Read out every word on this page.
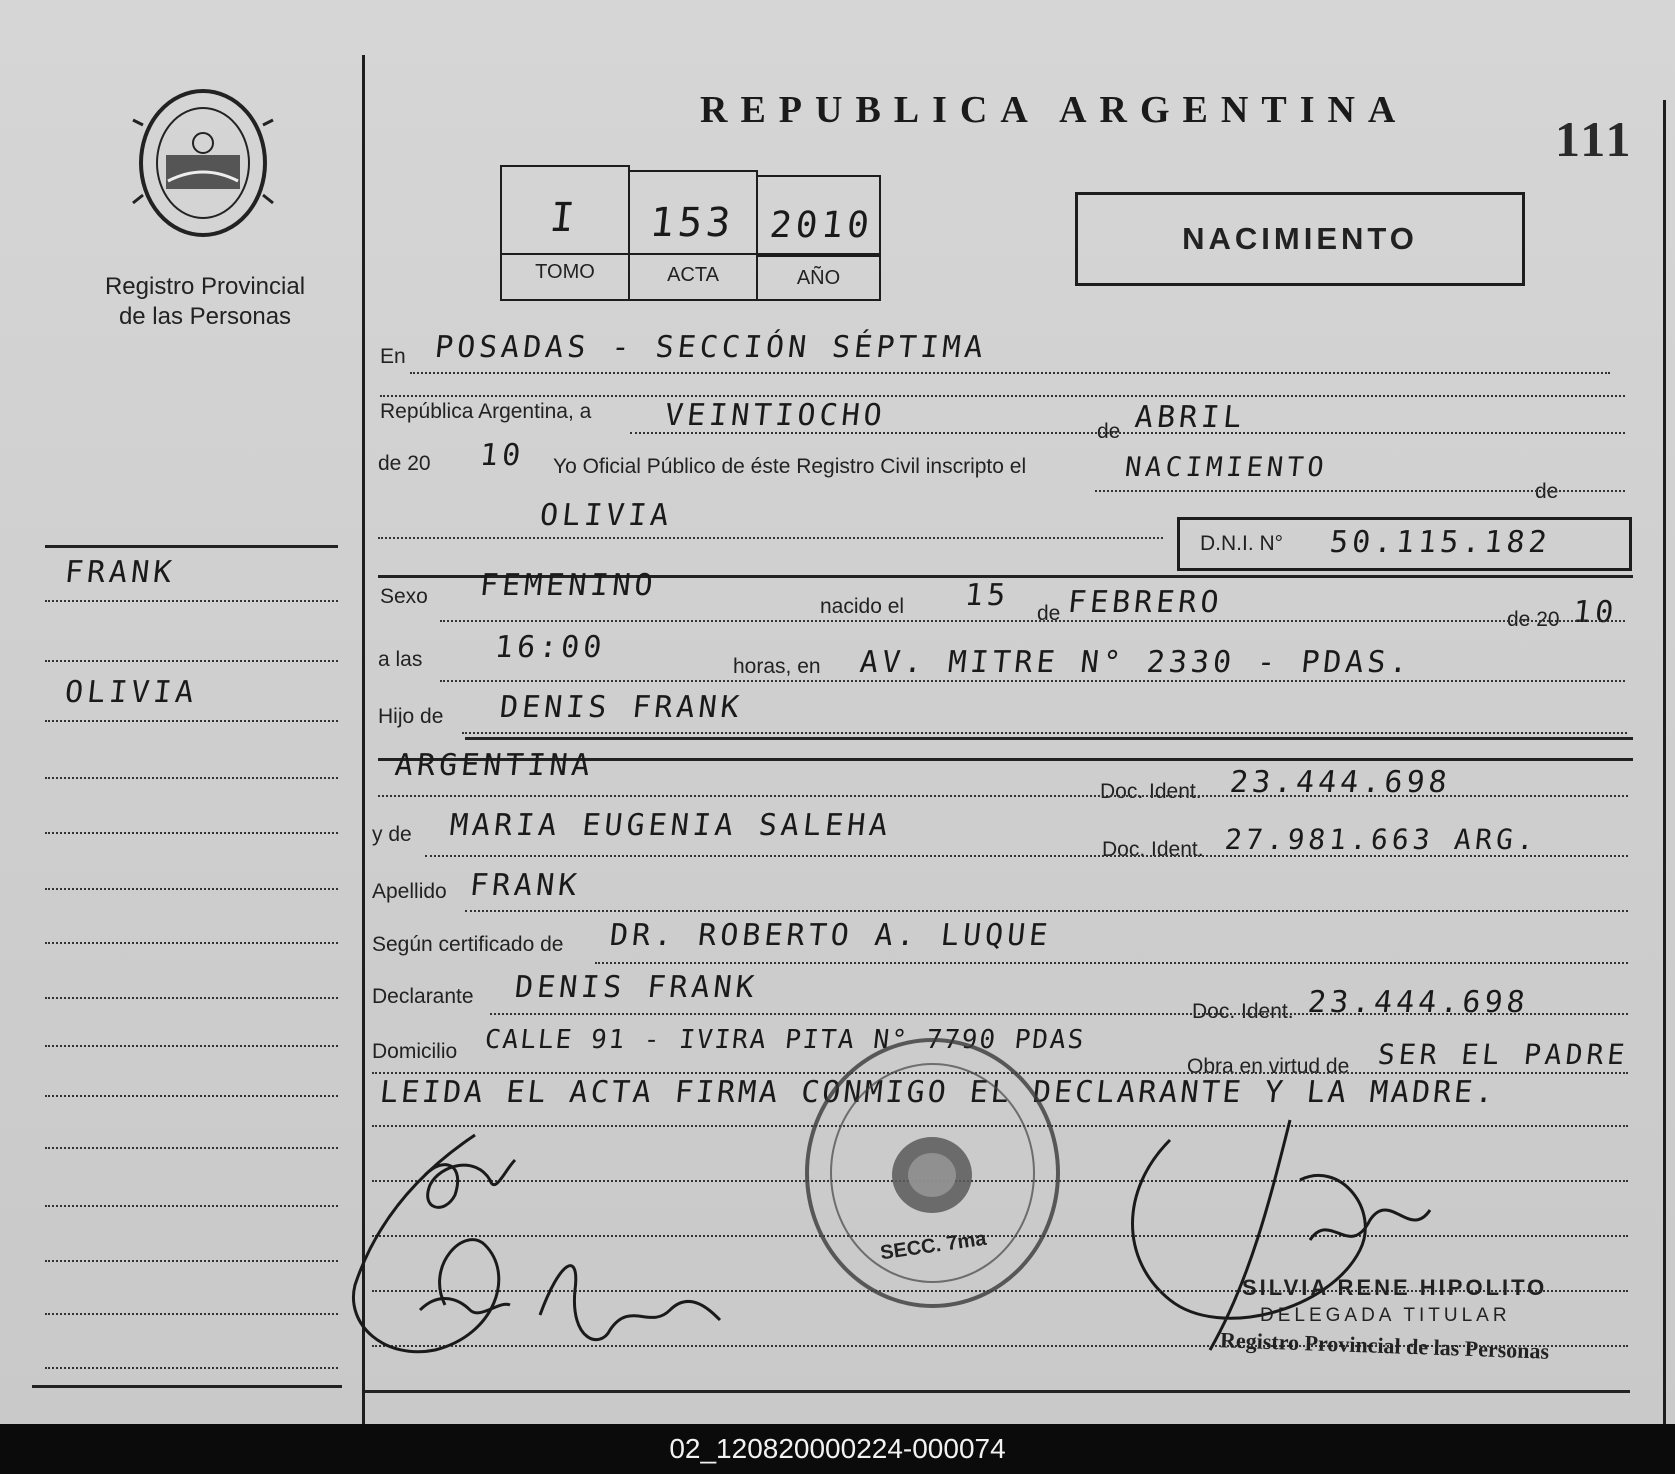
Registro Provincial
de las Personas
REPUBLICA ARGENTINA
111
I 153 2010
TOMO	ACTA	AÑO
NACIMIENTO
En POSADAS - SECCIÓN SÉPTIMA
República Argentina, a VEINTIOCHO	de ABRIL
de 20 10 Yo Oficial Público de éste Registro Civil inscripto el	NACIMIENTO
de
OLIVIA
D.N.I. N° 50.115.182
Sexo FEMENINO
nacido el 15
de FEBRERO	de 20 10
a las 16:00
horas, en AV. MITRE N° 2330 - PDAS.
Hijo de DENIS FRANK
ARGENTINA
Doc. Ident. 23.444.698
y de MARIA EUGENIA SALEHA
Doc. Ident. 27.981.663 ARG.
Apellido FRANK
Según certificado de DR. ROBERTO A. LUQUE
Declarante DENIS FRANK
Doc. Ident. 23.444.698
Domicilio CALLE 91 - IVIRA PITA N° 7790 PDAS
Obra en virtud de SER EL PADRE
LEIDA EL ACTA FIRMA CONMIGO EL DECLARANTE Y LA MADRE.
FRANK
OLIVIA
SECC. 7ma
SILVIA RENE HIPOLITO
DELEGADA TITULAR
Registro Provincial de las Personas
02_120820000224-000074
